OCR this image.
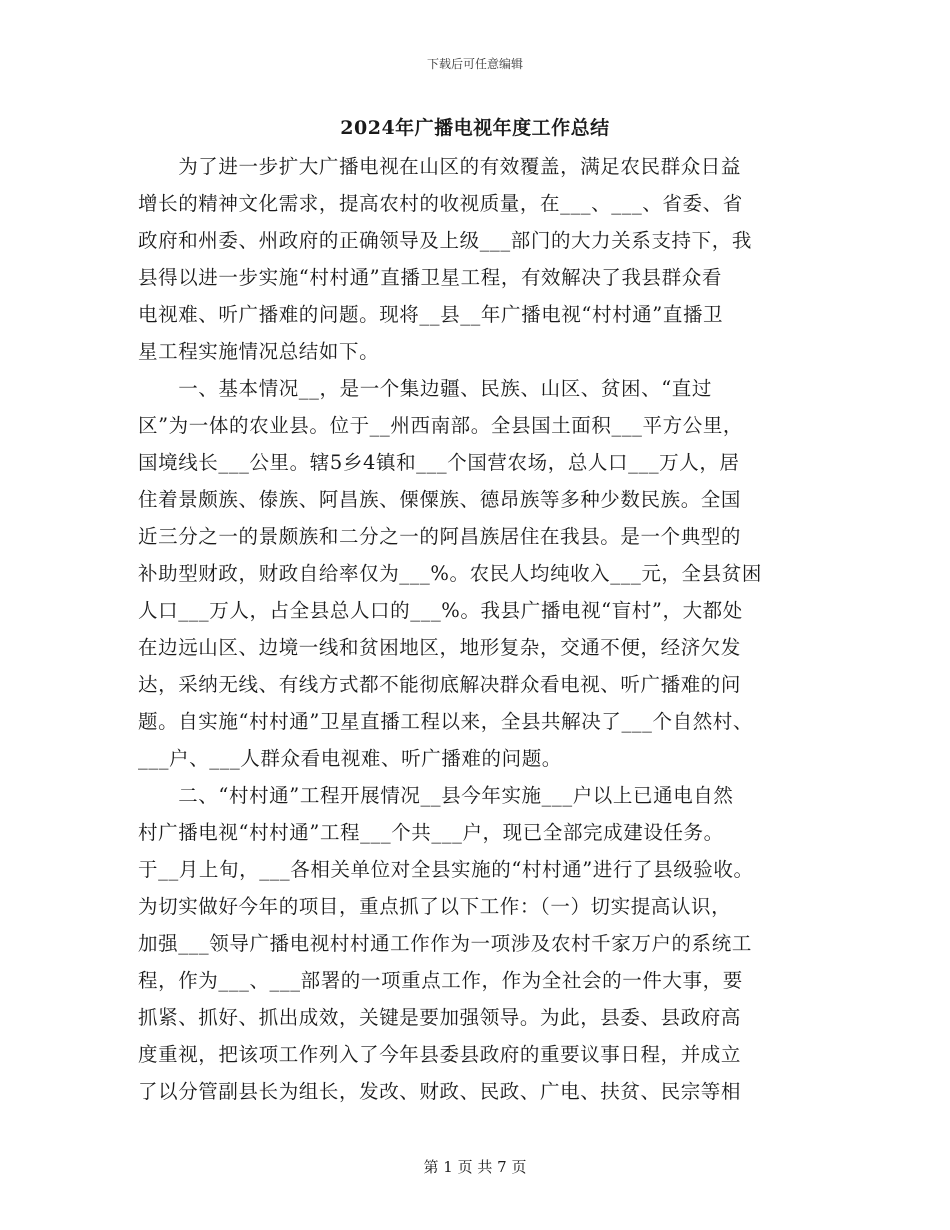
下载后可任意编辑
2024年广播电视年度工作总结
　　为了进一步扩大广播电视在山区的有效覆盖，满足农民群众日益
增长的精神文化需求，提高农村的收视质量，在___、___、省委、省
政府和州委、州政府的正确领导及上级___部门的大力关系支持下，我
县得以进一步实施“村村通”直播卫星工程，有效解决了我县群众看
电视难、听广播难的问题。现将__县__年广播电视“村村通”直播卫
星工程实施情况总结如下。
　　一、基本情况__，是一个集边疆、民族、山区、贫困、“直过
区”为一体的农业县。位于__州西南部。全县国土面积___平方公里，
国境线长___公里。辖5乡4镇和___个国营农场，总人口___万人，居
住着景颇族、傣族、阿昌族、傈僳族、德昂族等多种少数民族。全国
近三分之一的景颇族和二分之一的阿昌族居住在我县。是一个典型的
补助型财政，财政自给率仅为___%。农民人均纯收入___元，全县贫困
人口___万人，占全县总人口的___%。我县广播电视“盲村”，大都处
在边远山区、边境一线和贫困地区，地形复杂，交通不便，经济欠发
达，采纳无线、有线方式都不能彻底解决群众看电视、听广播难的问
题。自实施“村村通”卫星直播工程以来，全县共解决了___个自然村、
___户、___人群众看电视难、听广播难的问题。
　　二、“村村通”工程开展情况__县今年实施___户以上已通电自然
村广播电视“村村通”工程___个共___户，现已全部完成建设任务。
于__月上旬，___各相关单位对全县实施的“村村通”进行了县级验收。
为切实做好今年的项目，重点抓了以下工作：（一）切实提高认识，
加强___领导广播电视村村通工作作为一项涉及农村千家万户的系统工
程，作为___、___部署的一项重点工作，作为全社会的一件大事，要
抓紧、抓好、抓出成效，关键是要加强领导。为此，县委、县政府高
度重视，把该项工作列入了今年县委县政府的重要议事日程，并成立
了以分管副县长为组长，发改、财政、民政、广电、扶贫、民宗等相
第 1 页 共 7 页
